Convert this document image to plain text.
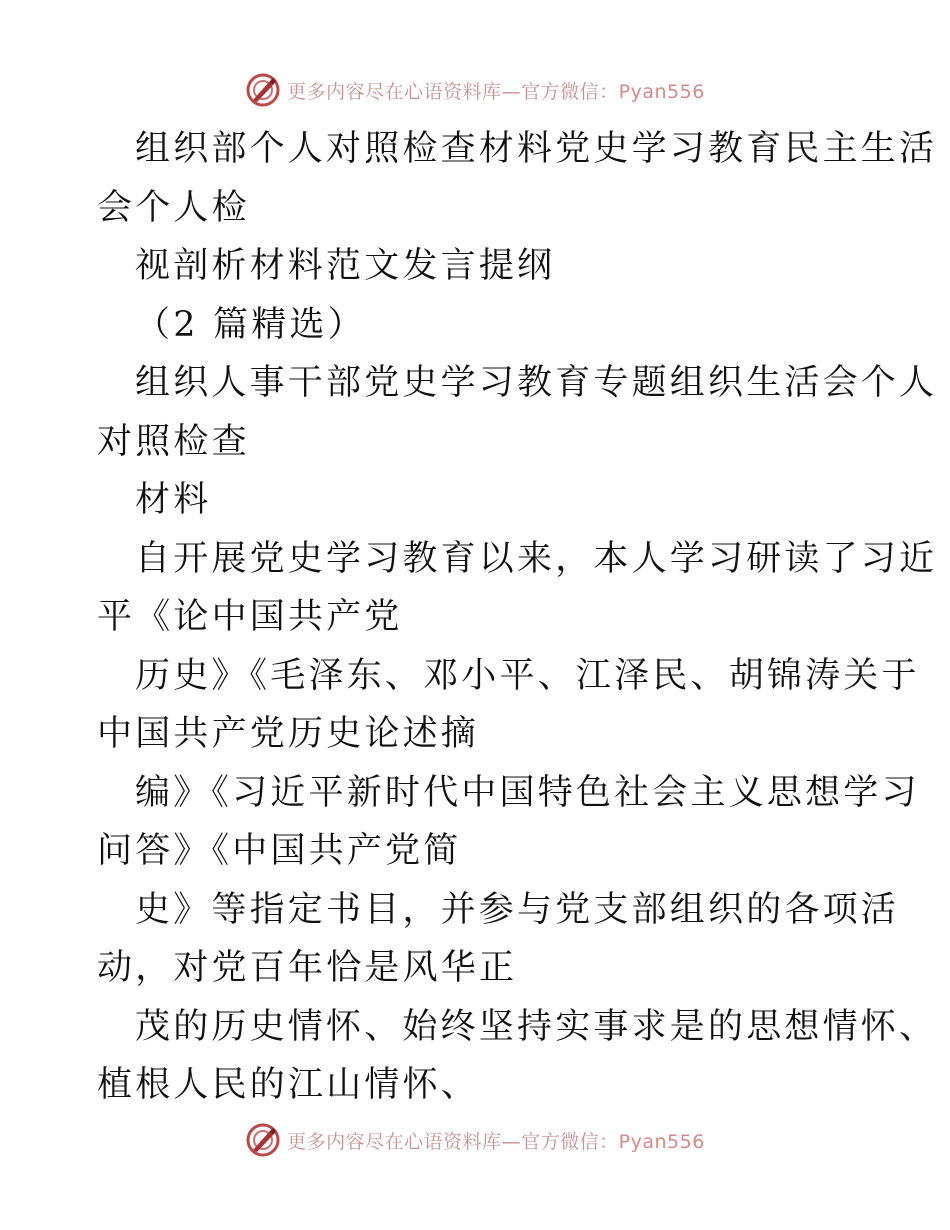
更多内容尽在心语资料库—官方微信：Pyan556
组织部个人对照检查材料党史学习教育民主生活
会个人检
视剖析材料范文发言提纲
（2 篇精选）
组织人事干部党史学习教育专题组织生活会个人
对照检查
材料
自开展党史学习教育以来，本人学习研读了习近
平《论中国共产党
历史》《毛泽东、邓小平、江泽民、胡锦涛关于
中国共产党历史论述摘
编》《习近平新时代中国特色社会主义思想学习
问答》《中国共产党简
史》等指定书目，并参与党支部组织的各项活
动，对党百年恰是风华正
茂的历史情怀、始终坚持实事求是的思想情怀、
植根人民的江山情怀、
更多内容尽在心语资料库—官方微信：Pyan556
